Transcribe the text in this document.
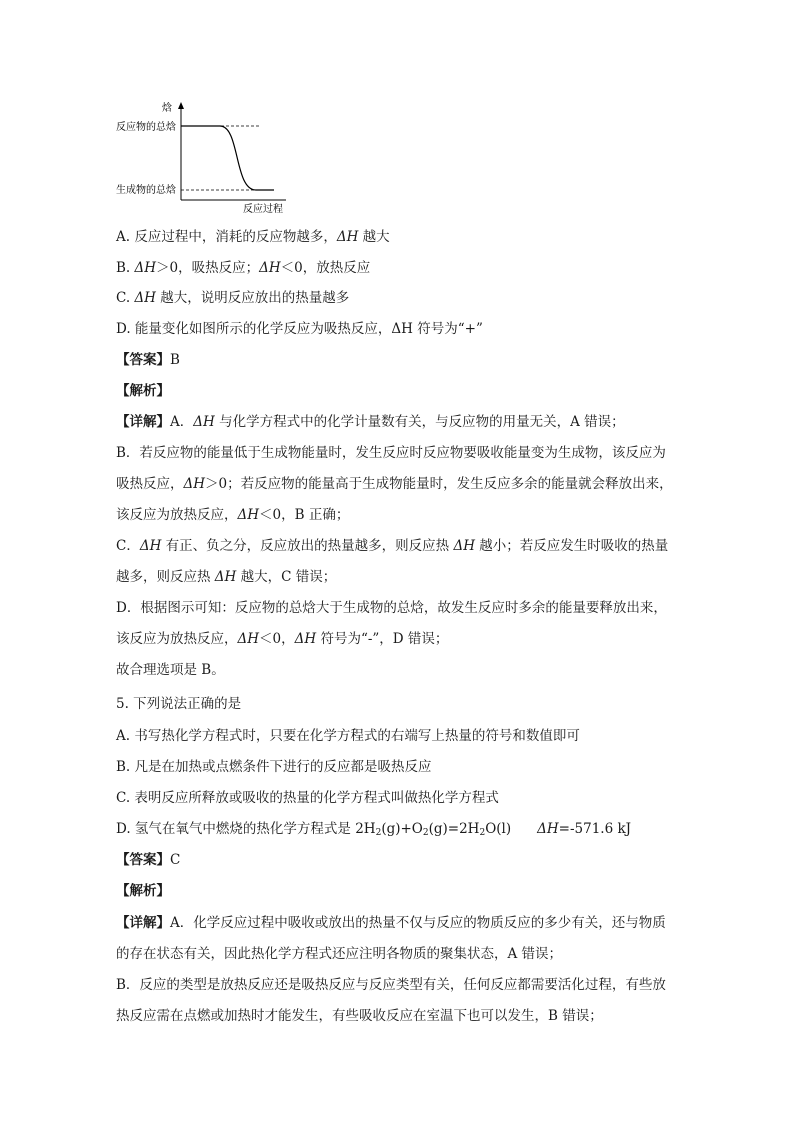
焓
反应过程
反应物的总焓
生成物的总焓
A. 反应过程中，消耗的反应物越多，ΔH 越大
B. ΔH＞0，吸热反应；ΔH＜0，放热反应
C. ΔH 越大，说明反应放出的热量越多
D. 能量变化如图所示的化学反应为吸热反应，ΔH 符号为“+”
【答案】B
【解析】
【详解】A．ΔH 与化学方程式中的化学计量数有关，与反应物的用量无关，A 错误；
B．若反应物的能量低于生成物能量时，发生反应时反应物要吸收能量变为生成物，该反应为
吸热反应，ΔH＞0；若反应物的能量高于生成物能量时，发生反应多余的能量就会释放出来，
该反应为放热反应，ΔH＜0，B 正确；
C．ΔH 有正、负之分，反应放出的热量越多，则反应热 ΔH 越小；若反应发生时吸收的热量
越多，则反应热 ΔH 越大，C 错误；
D．根据图示可知：反应物的总焓大于生成物的总焓，故发生反应时多余的能量要释放出来，
该反应为放热反应，ΔH＜0，ΔH 符号为“-”，D 错误；
故合理选项是 B。
5. 下列说法正确的是
A. 书写热化学方程式时，只要在化学方程式的右端写上热量的符号和数值即可
B. 凡是在加热或点燃条件下进行的反应都是吸热反应
C. 表明反应所释放或吸收的热量的化学方程式叫做热化学方程式
D. 氢气在氧气中燃烧的热化学方程式是 $2H_2(g)+O_2(g)=2H_2O(l)$ ΔH=-571.6 kJ
【答案】C
【解析】
【详解】A．化学反应过程中吸收或放出的热量不仅与反应的物质反应的多少有关，还与物质
的存在状态有关，因此热化学方程式还应注明各物质的聚集状态，A 错误；
B．反应的类型是放热反应还是吸热反应与反应类型有关，任何反应都需要活化过程，有些放
热反应需在点燃或加热时才能发生，有些吸收反应在室温下也可以发生，B 错误；
